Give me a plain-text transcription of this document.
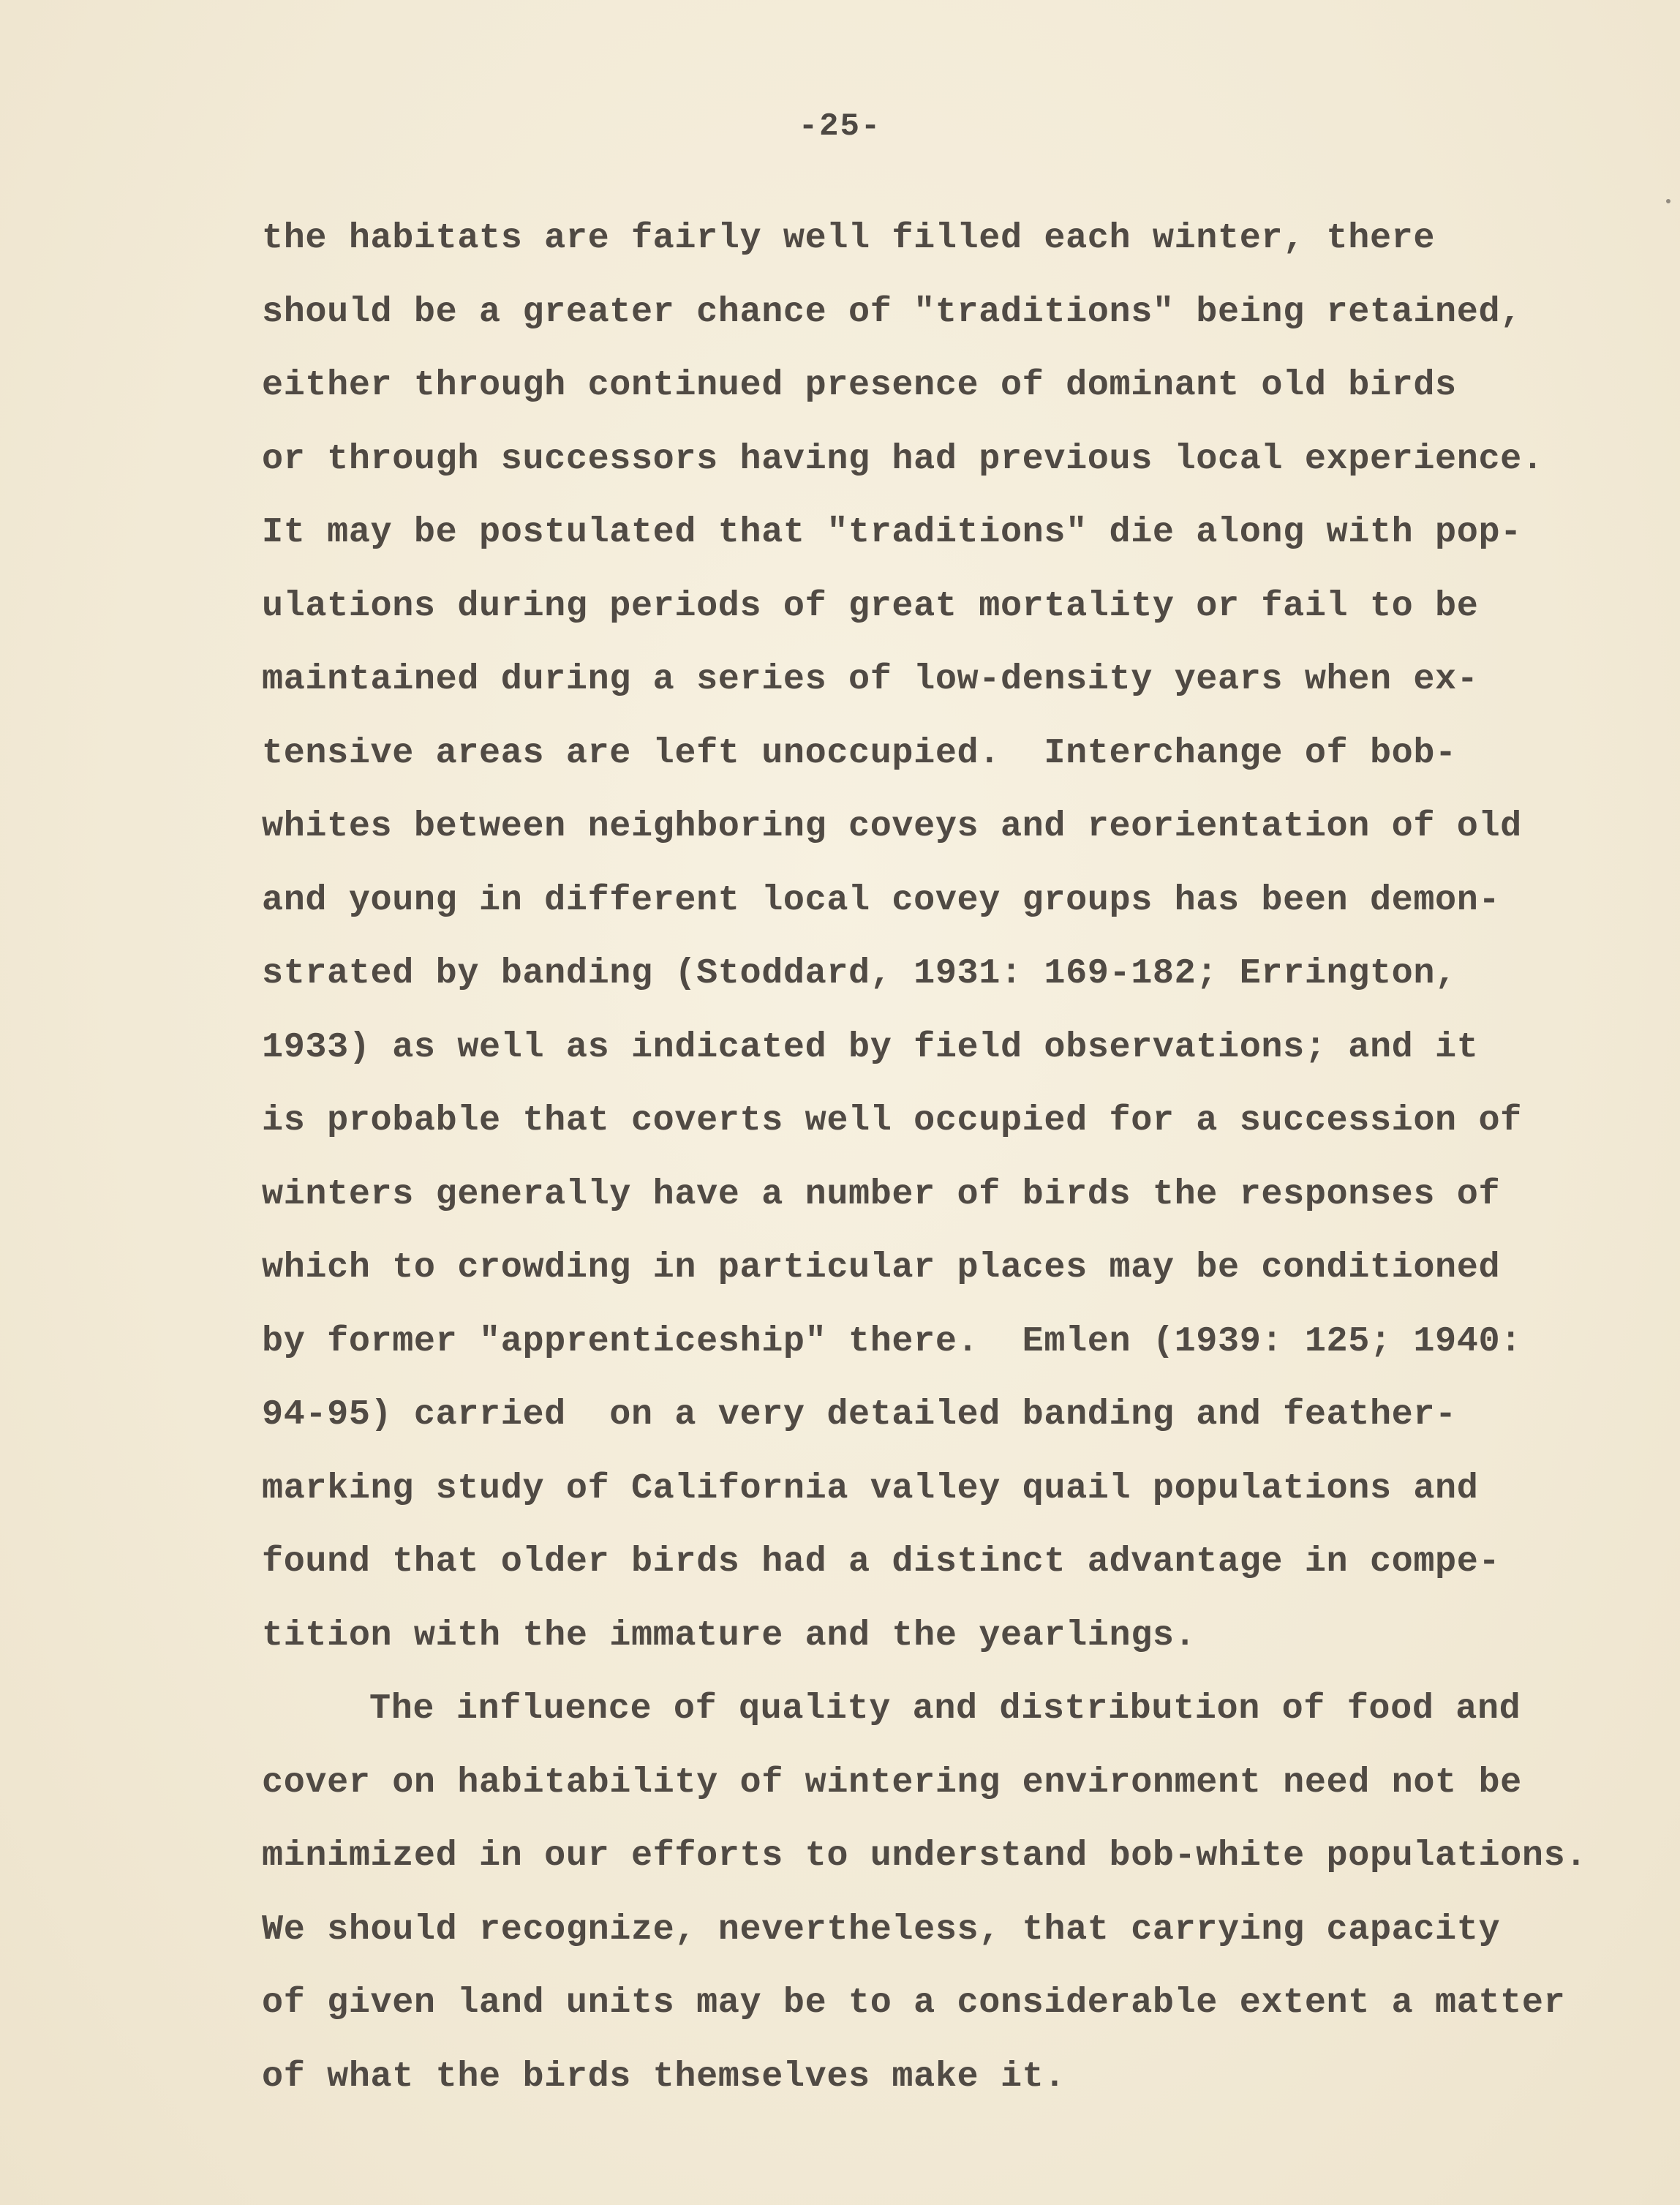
-25-
the habitats are fairly well filled each winter, there
should be a greater chance of "traditions" being retained,
either through continued presence of dominant old birds
or through successors having had previous local experience.
It may be postulated that "traditions" die along with pop-
ulations during periods of great mortality or fail to be
maintained during a series of low-density years when ex-
tensive areas are left unoccupied.  Interchange of bob-
whites between neighboring coveys and reorientation of old
and young in different local covey groups has been demon-
strated by banding (Stoddard, 1931: 169-182; Errington,
1933) as well as indicated by field observations; and it
is probable that coverts well occupied for a succession of
winters generally have a number of birds the responses of
which to crowding in particular places may be conditioned
by former "apprenticeship" there.  Emlen (1939: 125; 1940:
94-95) carried  on a very detailed banding and feather-
marking study of California valley quail populations and
found that older birds had a distinct advantage in compe-
tition with the immature and the yearlings.
The influence of quality and distribution of food and
cover on habitability of wintering environment need not be
minimized in our efforts to understand bob-white populations.
We should recognize, nevertheless, that carrying capacity
of given land units may be to a considerable extent a matter
of what the birds themselves make it.
